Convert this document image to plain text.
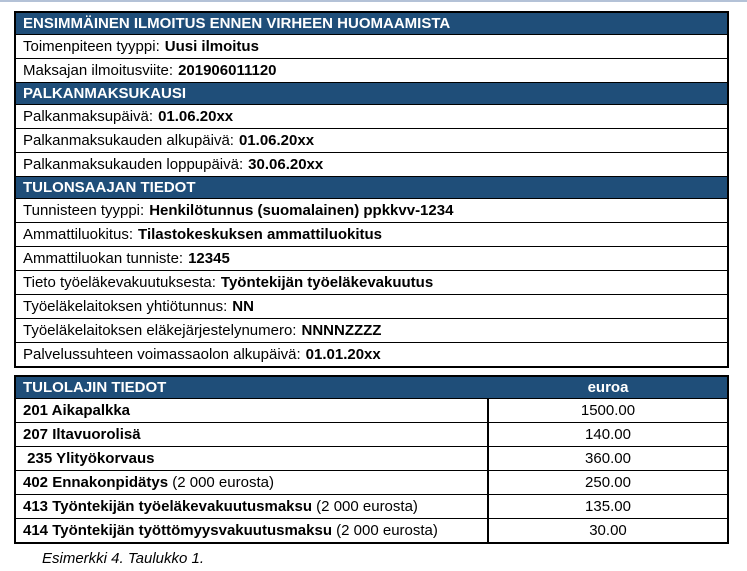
ENSIMMÄINEN ILMOITUS ENNEN VIRHEEN HUOMAAMISTA
Toimenpiteen tyyppi: Uusi ilmoitus
Maksajan ilmoitusviite: 201906011120
PALKANMAKSUKAUSI
Palkanmaksupäivä: 01.06.20xx
Palkanmaksukauden alkupäivä: 01.06.20xx
Palkanmaksukauden loppupäivä: 30.06.20xx
TULONSAAJAN TIEDOT
Tunnisteen tyyppi: Henkilötunnus (suomalainen) ppkkvv-1234
Ammattiluokitus: Tilastokeskuksen ammattiluokitus
Ammattiluokan tunniste: 12345
Tieto työeläkevakuutuksesta: Työntekijän työeläkevakuutus
Työeläkelaitoksen yhtiötunnus: NN
Työeläkelaitoksen eläkejärjestelynumero: NNNNZZZZ
Palvelussuhteen voimassaolon alkupäivä: 01.01.20xx
TULOLAJIN TIEDOT	euroa
201 Aikapalkka	1500.00
207 Iltavuorolisä	140.00
235 Ylityökorvaus	360.00
402 Ennakonpidätys (2 000 eurosta)	250.00
413 Työntekijän työeläkevakuutusmaksu (2 000 eurosta)	135.00
414 Työntekijän työttömyysvakuutusmaksu (2 000 eurosta)	30.00
Esimerkki 4. Taulukko 1.
